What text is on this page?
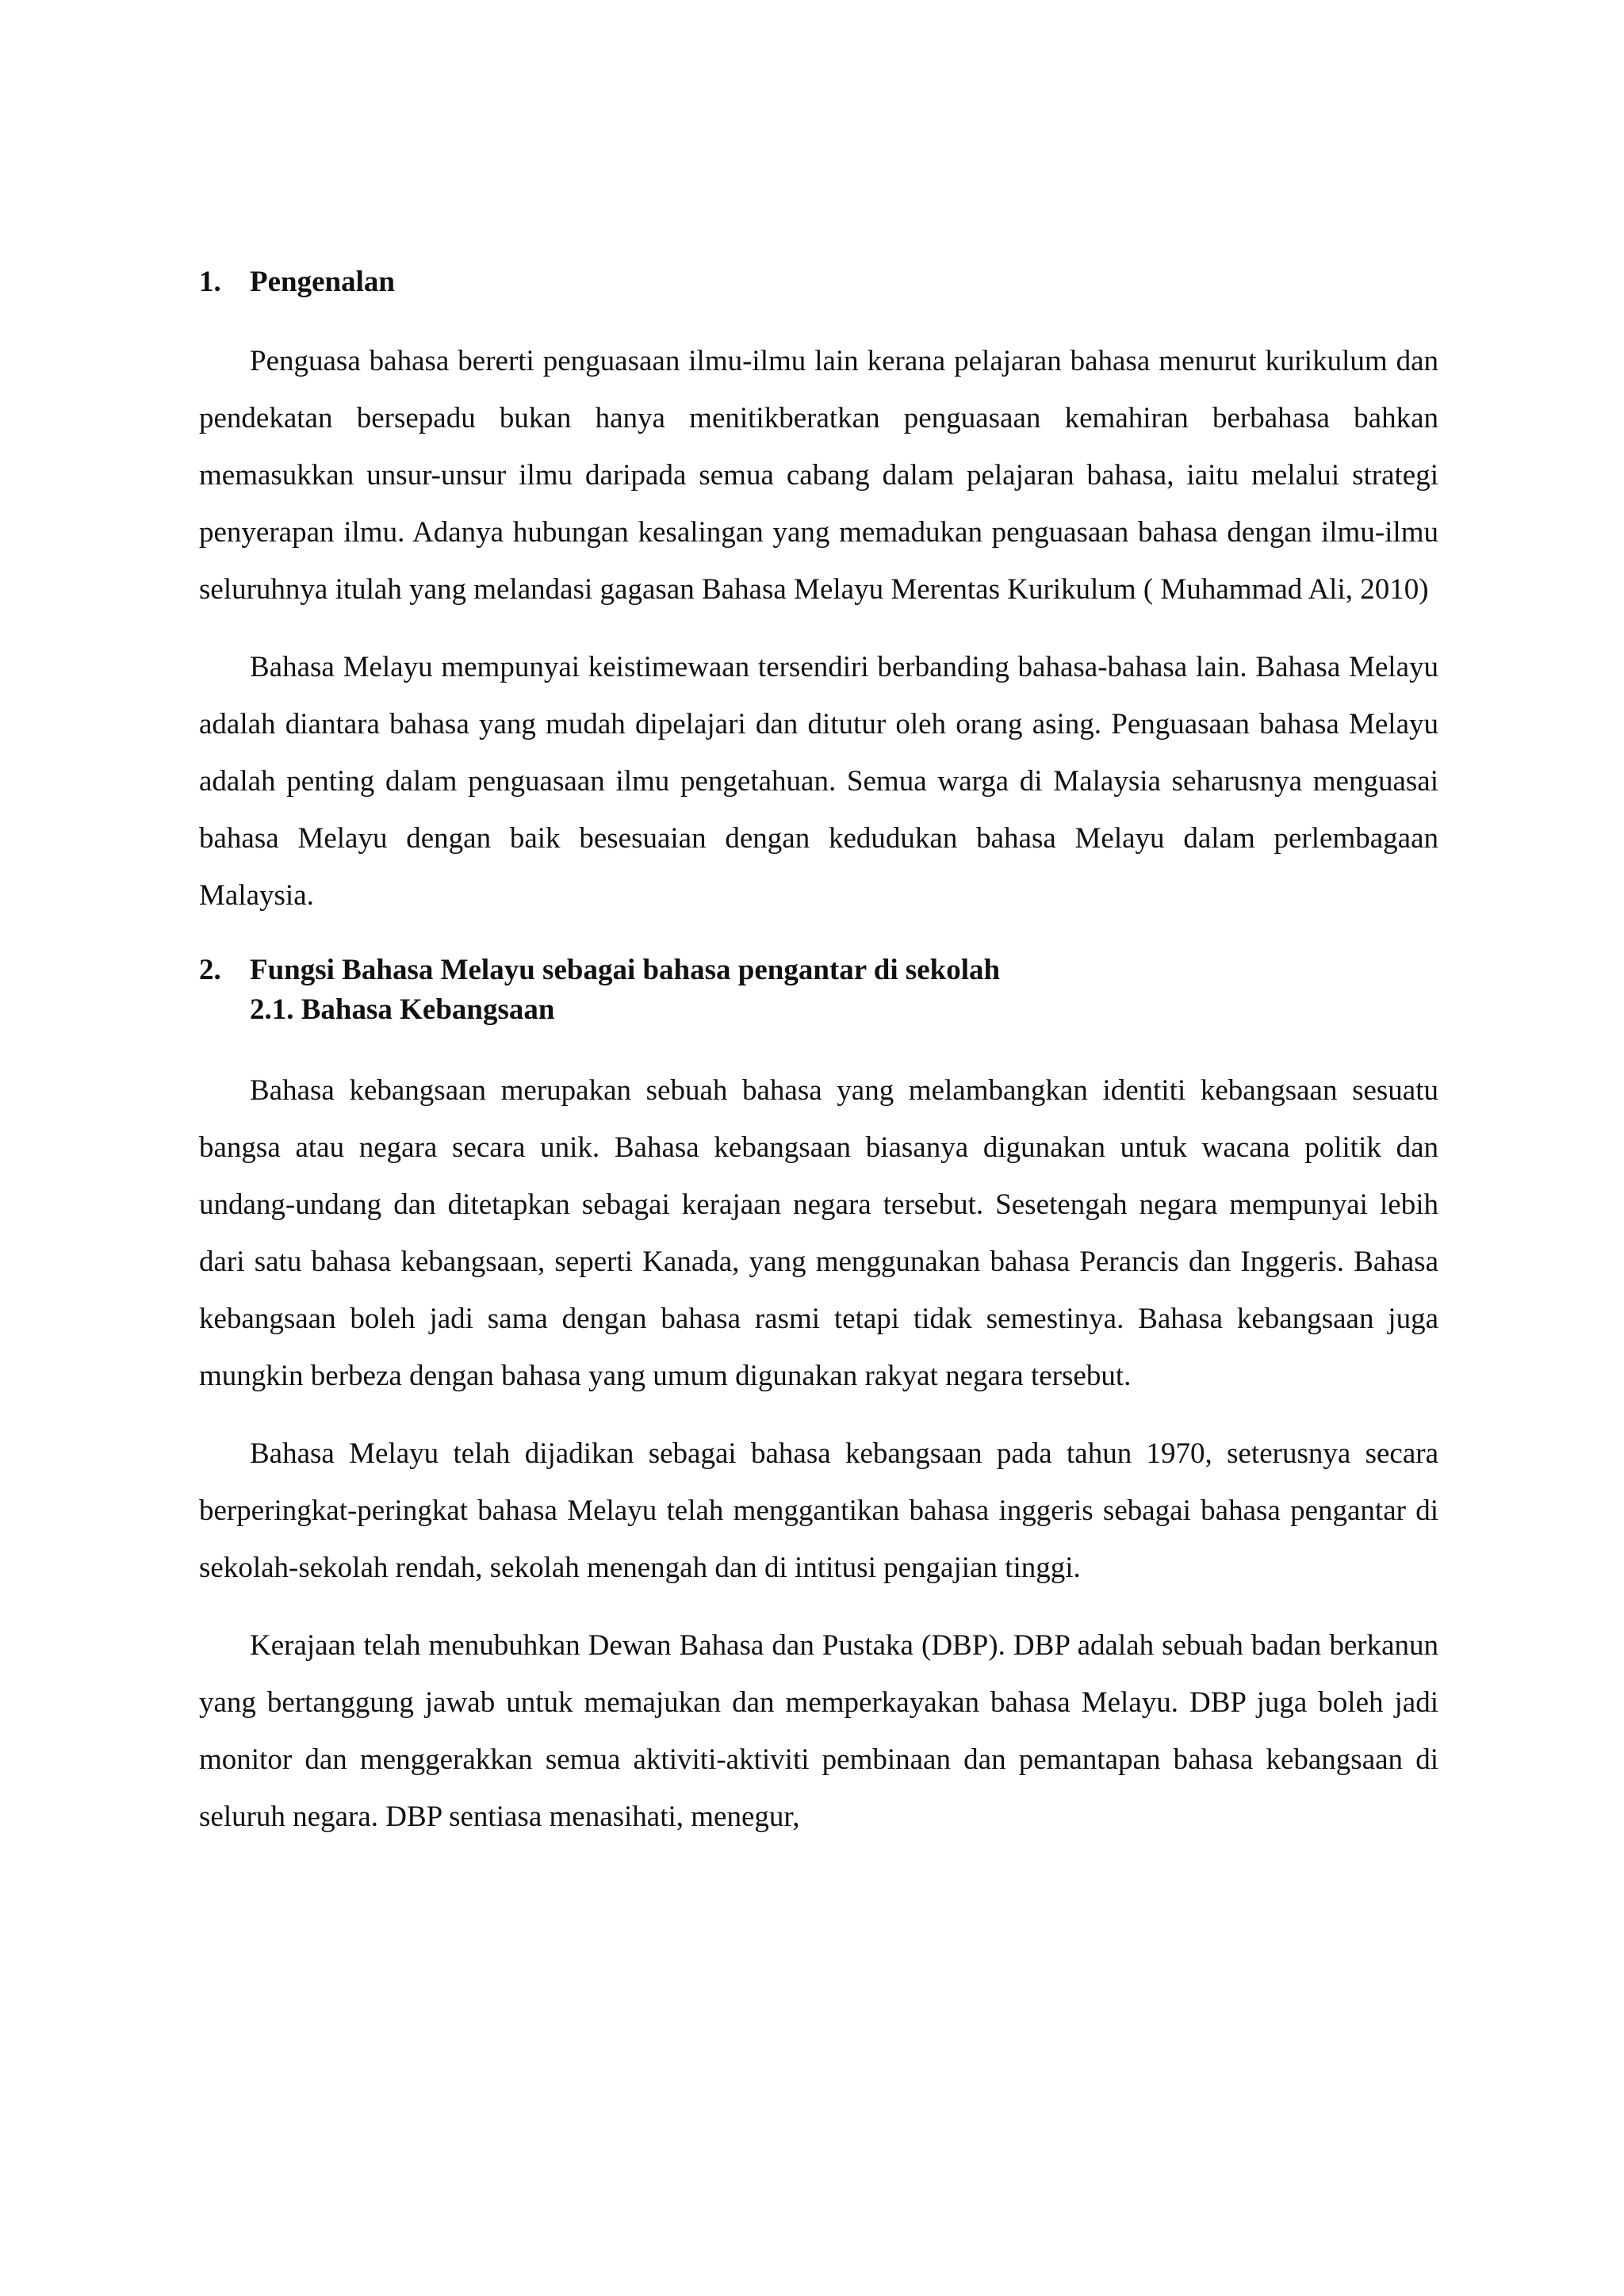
1. Pengenalan

Penguasa bahasa bererti penguasaan ilmu-ilmu lain kerana pelajaran bahasa menurut kurikulum dan pendekatan bersepadu bukan hanya menitikberatkan penguasaan kemahiran berbahasa bahkan memasukkan unsur-unsur ilmu daripada semua cabang dalam pelajaran bahasa, iaitu melalui strategi penyerapan ilmu. Adanya hubungan kesalingan yang memadukan penguasaan bahasa dengan ilmu-ilmu seluruhnya itulah yang melandasi gagasan Bahasa Melayu Merentas Kurikulum ( Muhammad Ali, 2010)

Bahasa Melayu mempunyai keistimewaan tersendiri berbanding bahasa-bahasa lain. Bahasa Melayu adalah diantara bahasa yang mudah dipelajari dan ditutur oleh orang asing. Penguasaan bahasa Melayu adalah penting dalam penguasaan ilmu pengetahuan. Semua warga di Malaysia seharusnya menguasai bahasa Melayu dengan baik besesuaian dengan kedudukan bahasa Melayu dalam perlembagaan Malaysia.

2. Fungsi Bahasa Melayu sebagai bahasa pengantar di sekolah
2.1. Bahasa Kebangsaan

Bahasa kebangsaan merupakan sebuah bahasa yang melambangkan identiti kebangsaan sesuatu bangsa atau negara secara unik. Bahasa kebangsaan biasanya digunakan untuk wacana politik dan undang-undang dan ditetapkan sebagai kerajaan negara tersebut. Sesetengah negara mempunyai lebih dari satu bahasa kebangsaan, seperti Kanada, yang menggunakan bahasa Perancis dan Inggeris. Bahasa kebangsaan boleh jadi sama dengan bahasa rasmi tetapi tidak semestinya. Bahasa kebangsaan juga mungkin berbeza dengan bahasa yang umum digunakan rakyat negara tersebut.

Bahasa Melayu telah dijadikan sebagai bahasa kebangsaan pada tahun 1970, seterusnya secara berperingkat-peringkat bahasa Melayu telah menggantikan bahasa inggeris sebagai bahasa pengantar di sekolah-sekolah rendah, sekolah menengah dan di intitusi pengajian tinggi.

Kerajaan telah menubuhkan Dewan Bahasa dan Pustaka (DBP). DBP adalah sebuah badan berkanun yang bertanggung jawab untuk memajukan dan memperkayakan bahasa Melayu. DBP juga boleh jadi monitor dan menggerakkan semua aktiviti-aktiviti pembinaan dan pemantapan bahasa kebangsaan di seluruh negara. DBP sentiasa menasihati, menegur,
